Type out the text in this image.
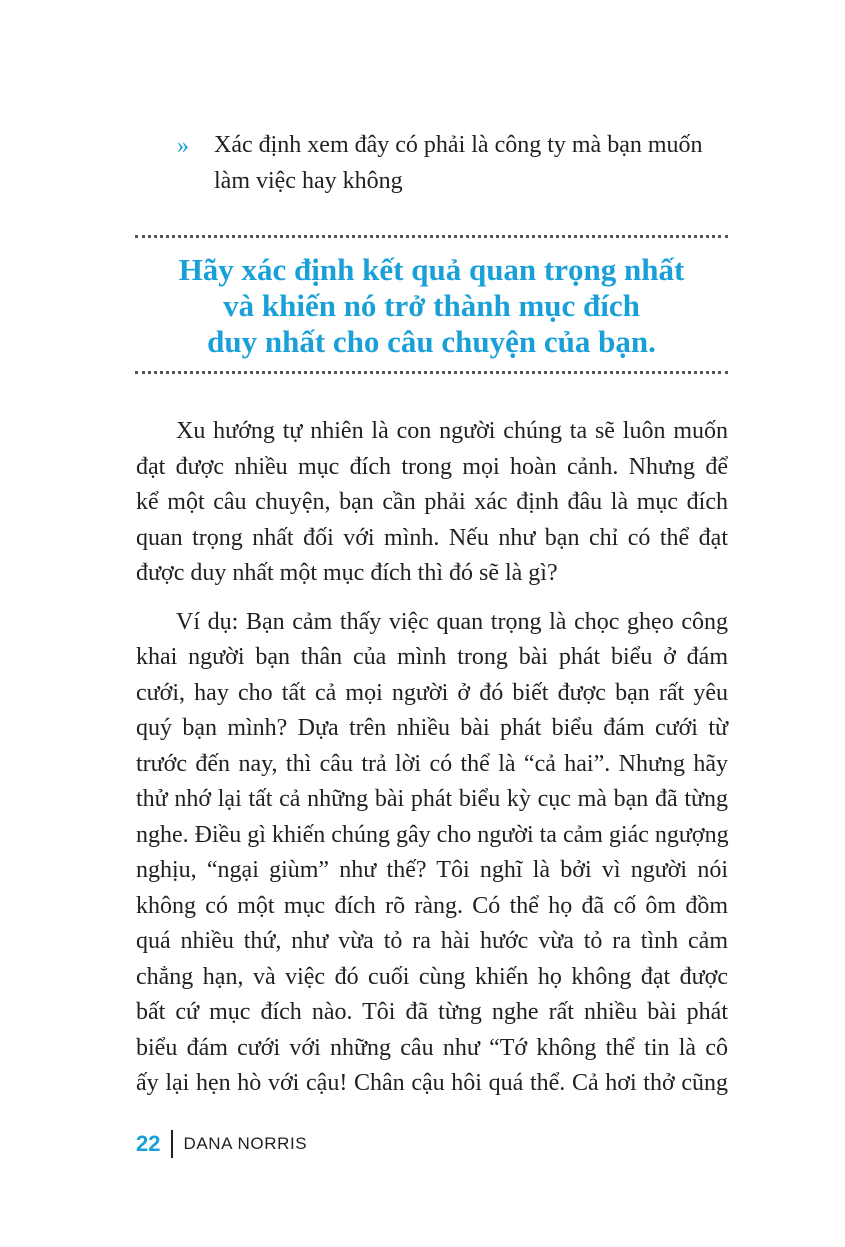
»	Xác định xem đây có phải là công ty mà bạn muốn
làm việc hay không
Hãy xác định kết quả quan trọng nhất
và khiến nó trở thành mục đích
duy nhất cho câu chuyện của bạn.

Xu hướng tự nhiên là con người chúng ta sẽ luôn muốn
đạt được nhiều mục đích trong mọi hoàn cảnh. Nhưng để
kể một câu chuyện, bạn cần phải xác định đâu là mục đích
quan trọng nhất đối với mình. Nếu như bạn chỉ có thể đạt
được duy nhất một mục đích thì đó sẽ là gì?

Ví dụ: Bạn cảm thấy việc quan trọng là chọc ghẹo công
khai người bạn thân của mình trong bài phát biểu ở đám
cưới, hay cho tất cả mọi người ở đó biết được bạn rất yêu
quý bạn mình? Dựa trên nhiều bài phát biểu đám cưới từ
trước đến nay, thì câu trả lời có thể là “cả hai”. Nhưng hãy
thử nhớ lại tất cả những bài phát biểu kỳ cục mà bạn đã từng
nghe. Điều gì khiến chúng gây cho người ta cảm giác ngượng
nghịu, “ngại giùm” như thế? Tôi nghĩ là bởi vì người nói
không có một mục đích rõ ràng. Có thể họ đã cố ôm đồm
quá nhiều thứ, như vừa tỏ ra hài hước vừa tỏ ra tình cảm
chẳng hạn, và việc đó cuối cùng khiến họ không đạt được
bất cứ mục đích nào. Tôi đã từng nghe rất nhiều bài phát
biểu đám cưới với những câu như “Tớ không thể tin là cô
ấy lại hẹn hò với cậu! Chân cậu hôi quá thể. Cả hơi thở cũng

22 DANA NORRIS
